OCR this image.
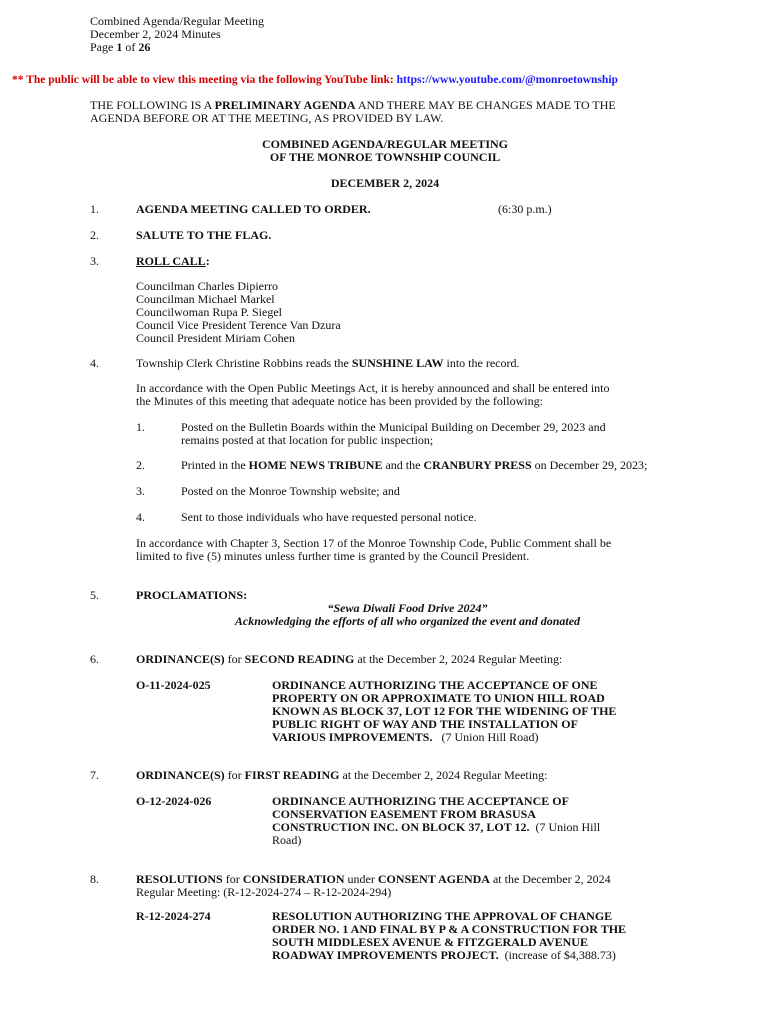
Combined Agenda/Regular Meeting
December 2, 2024 Minutes
Page 1 of 26
** The public will be able to view this meeting via the following YouTube link: https://www.youtube.com/@monroetownship
THE FOLLOWING IS A PRELIMINARY AGENDA AND THERE MAY BE CHANGES MADE TO THE
AGENDA BEFORE OR AT THE MEETING, AS PROVIDED BY LAW.
COMBINED AGENDA/REGULAR MEETING
OF THE MONROE TOWNSHIP COUNCIL
DECEMBER 2, 2024
1.	AGENDA MEETING CALLED TO ORDER.	(6:30 p.m.)
2.	SALUTE TO THE FLAG.
3.	ROLL CALL:
Councilman Charles Dipierro
Councilman Michael Markel
Councilwoman Rupa P. Siegel
Council Vice President Terence Van Dzura
Council President Miriam Cohen
4.	Township Clerk Christine Robbins reads the SUNSHINE LAW into the record.
In accordance with the Open Public Meetings Act, it is hereby announced and shall be entered into
the Minutes of this meeting that adequate notice has been provided by the following:
1.	Posted on the Bulletin Boards within the Municipal Building on December 29, 2023 and
remains posted at that location for public inspection;
2.	Printed in the HOME NEWS TRIBUNE and the CRANBURY PRESS on December 29, 2023;
3.	Posted on the Monroe Township website; and
4.	Sent to those individuals who have requested personal notice.
In accordance with Chapter 3, Section 17 of the Monroe Township Code, Public Comment shall be
limited to five (5) minutes unless further time is granted by the Council President.
5.	PROCLAMATIONS:
“Sewa Diwali Food Drive 2024”
Acknowledging the efforts of all who organized the event and donated
6.	ORDINANCE(S) for SECOND READING at the December 2, 2024 Regular Meeting:
O-11-2024-025	ORDINANCE AUTHORIZING THE ACCEPTANCE OF ONE
PROPERTY ON OR APPROXIMATE TO UNION HILL ROAD
KNOWN AS BLOCK 37, LOT 12 FOR THE WIDENING OF THE
PUBLIC RIGHT OF WAY AND THE INSTALLATION OF
VARIOUS IMPROVEMENTS.   (7 Union Hill Road)
7.	ORDINANCE(S) for FIRST READING at the December 2, 2024 Regular Meeting:
O-12-2024-026	ORDINANCE AUTHORIZING THE ACCEPTANCE OF
CONSERVATION EASEMENT FROM BRASUSA
CONSTRUCTION INC. ON BLOCK 37, LOT 12.  (7 Union Hill
Road)
8.	RESOLUTIONS for CONSIDERATION under CONSENT AGENDA at the December 2, 2024
Regular Meeting: (R-12-2024-274 – R-12-2024-294)
R-12-2024-274	RESOLUTION AUTHORIZING THE APPROVAL OF CHANGE
ORDER NO. 1 AND FINAL BY P & A CONSTRUCTION FOR THE
SOUTH MIDDLESEX AVENUE & FITZGERALD AVENUE
ROADWAY IMPROVEMENTS PROJECT.  (increase of $4,388.73)
